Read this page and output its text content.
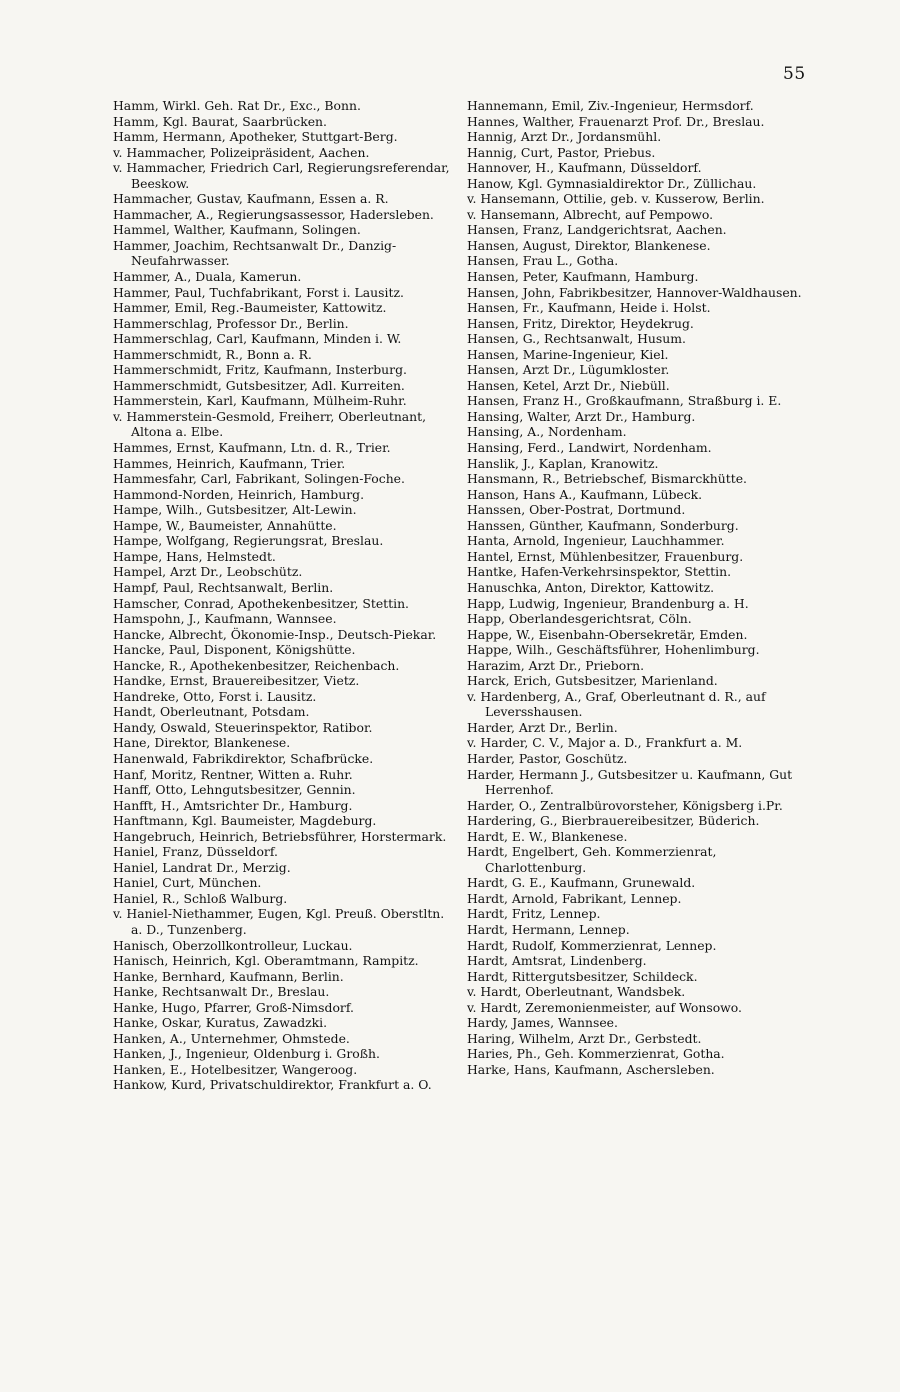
55
Hamm, Wirkl. Geh. Rat Dr., Exc., Bonn.
Hamm, Kgl. Baurat, Saarbrücken.
Hamm, Hermann, Apotheker, Stuttgart-Berg.
v. Hammacher, Polizeipräsident, Aachen.
v. Hammacher, Friedrich Carl, Regierungsreferendar, Beeskow.
Hammacher, Gustav, Kaufmann, Essen a. R.
Hammacher, A., Regierungsassessor, Hadersleben.
Hammel, Walther, Kaufmann, Solingen.
Hammer, Joachim, Rechtsanwalt Dr., Danzig-Neufahrwasser.
Hammer, A., Duala, Kamerun.
Hammer, Paul, Tuchfabrikant, Forst i. Lausitz.
Hammer, Emil, Reg.-Baumeister, Kattowitz.
Hammerschlag, Professor Dr., Berlin.
Hammerschlag, Carl, Kaufmann, Minden i. W.
Hammerschmidt, R., Bonn a. R.
Hammerschmidt, Fritz, Kaufmann, Insterburg.
Hammerschmidt, Gutsbesitzer, Adl. Kurreiten.
Hammerstein, Karl, Kaufmann, Mülheim-Ruhr.
v. Hammerstein-Gesmold, Freiherr, Oberleutnant, Altona a. Elbe.
Hammes, Ernst, Kaufmann, Ltn. d. R., Trier.
Hammes, Heinrich, Kaufmann, Trier.
Hammesfahr, Carl, Fabrikant, Solingen-Foche.
Hammond-Norden, Heinrich, Hamburg.
Hampe, Wilh., Gutsbesitzer, Alt-Lewin.
Hampe, W., Baumeister, Annahütte.
Hampe, Wolfgang, Regierungsrat, Breslau.
Hampe, Hans, Helmstedt.
Hampel, Arzt Dr., Leobschütz.
Hampf, Paul, Rechtsanwalt, Berlin.
Hamscher, Conrad, Apothekenbesitzer, Stettin.
Hamspohn, J., Kaufmann, Wannsee.
Hancke, Albrecht, Ökonomie-Insp., Deutsch-Piekar.
Hancke, Paul, Disponent, Königshütte.
Hancke, R., Apothekenbesitzer, Reichenbach.
Handke, Ernst, Brauereibesitzer, Vietz.
Handreke, Otto, Forst i. Lausitz.
Handt, Oberleutnant, Potsdam.
Handy, Oswald, Steuerinspektor, Ratibor.
Hane, Direktor, Blankenese.
Hanenwald, Fabrikdirektor, Schafbrücke.
Hanf, Moritz, Rentner, Witten a. Ruhr.
Hanff, Otto, Lehngutsbesitzer, Gennin.
Hanfft, H., Amtsrichter Dr., Hamburg.
Hanftmann, Kgl. Baumeister, Magdeburg.
Hangebruch, Heinrich, Betriebsführer, Horstermark.
Haniel, Franz, Düsseldorf.
Haniel, Landrat Dr., Merzig.
Haniel, Curt, München.
Haniel, R., Schloß Walburg.
v. Haniel-Niethammer, Eugen, Kgl. Preuß. Oberstltn. a. D., Tunzenberg.
Hanisch, Oberzollkontrolleur, Luckau.
Hanisch, Heinrich, Kgl. Oberamtmann, Rampitz.
Hanke, Bernhard, Kaufmann, Berlin.
Hanke, Rechtsanwalt Dr., Breslau.
Hanke, Hugo, Pfarrer, Groß-Nimsdorf.
Hanke, Oskar, Kuratus, Zawadzki.
Hanken, A., Unternehmer, Ohmstede.
Hanken, J., Ingenieur, Oldenburg i. Großh.
Hanken, E., Hotelbesitzer, Wangeroog.
Hankow, Kurd, Privatschuldirektor, Frankfurt a. O.
Hannemann, Emil, Ziv.-Ingenieur, Hermsdorf.
Hannes, Walther, Frauenarzt Prof. Dr., Breslau.
Hannig, Arzt Dr., Jordansmühl.
Hannig, Curt, Pastor, Priebus.
Hannover, H., Kaufmann, Düsseldorf.
Hanow, Kgl. Gymnasialdirektor Dr., Züllichau.
v. Hansemann, Ottilie, geb. v. Kusserow, Berlin.
v. Hansemann, Albrecht, auf Pempowo.
Hansen, Franz, Landgerichtsrat, Aachen.
Hansen, August, Direktor, Blankenese.
Hansen, Frau L., Gotha.
Hansen, Peter, Kaufmann, Hamburg.
Hansen, John, Fabrikbesitzer, Hannover-Waldhausen.
Hansen, Fr., Kaufmann, Heide i. Holst.
Hansen, Fritz, Direktor, Heydekrug.
Hansen, G., Rechtsanwalt, Husum.
Hansen, Marine-Ingenieur, Kiel.
Hansen, Arzt Dr., Lügumkloster.
Hansen, Ketel, Arzt Dr., Niebüll.
Hansen, Franz H., Großkaufmann, Straßburg i. E.
Hansing, Walter, Arzt Dr., Hamburg.
Hansing, A., Nordenham.
Hansing, Ferd., Landwirt, Nordenham.
Hanslik, J., Kaplan, Kranowitz.
Hansmann, R., Betriebschef, Bismarckhütte.
Hanson, Hans A., Kaufmann, Lübeck.
Hanssen, Ober-Postrat, Dortmund.
Hanssen, Günther, Kaufmann, Sonderburg.
Hanta, Arnold, Ingenieur, Lauchhammer.
Hantel, Ernst, Mühlenbesitzer, Frauenburg.
Hantke, Hafen-Verkehrsinspektor, Stettin.
Hanuschka, Anton, Direktor, Kattowitz.
Happ, Ludwig, Ingenieur, Brandenburg a. H.
Happ, Oberlandesgerichtsrat, Cöln.
Happe, W., Eisenbahn-Obersekretär, Emden.
Happe, Wilh., Geschäftsführer, Hohenlimburg.
Harazim, Arzt Dr., Prieborn.
Harck, Erich, Gutsbesitzer, Marienland.
v. Hardenberg, A., Graf, Oberleutnant d. R., auf Leversshausen.
Harder, Arzt Dr., Berlin.
v. Harder, C. V., Major a. D., Frankfurt a. M.
Harder, Pastor, Goschütz.
Harder, Hermann J., Gutsbesitzer u. Kaufmann, Gut Herrenhof.
Harder, O., Zentralbürovorsteher, Königsberg i.Pr.
Hardering, G., Bierbrauereibesitzer, Büderich.
Hardt, E. W., Blankenese.
Hardt, Engelbert, Geh. Kommerzienrat, Charlottenburg.
Hardt, G. E., Kaufmann, Grunewald.
Hardt, Arnold, Fabrikant, Lennep.
Hardt, Fritz, Lennep.
Hardt, Hermann, Lennep.
Hardt, Rudolf, Kommerzienrat, Lennep.
Hardt, Amtsrat, Lindenberg.
Hardt, Rittergutsbesitzer, Schildeck.
v. Hardt, Oberleutnant, Wandsbek.
v. Hardt, Zeremonienmeister, auf Wonsowo.
Hardy, James, Wannsee.
Haring, Wilhelm, Arzt Dr., Gerbstedt.
Haries, Ph., Geh. Kommerzienrat, Gotha.
Harke, Hans, Kaufmann, Aschersleben.
